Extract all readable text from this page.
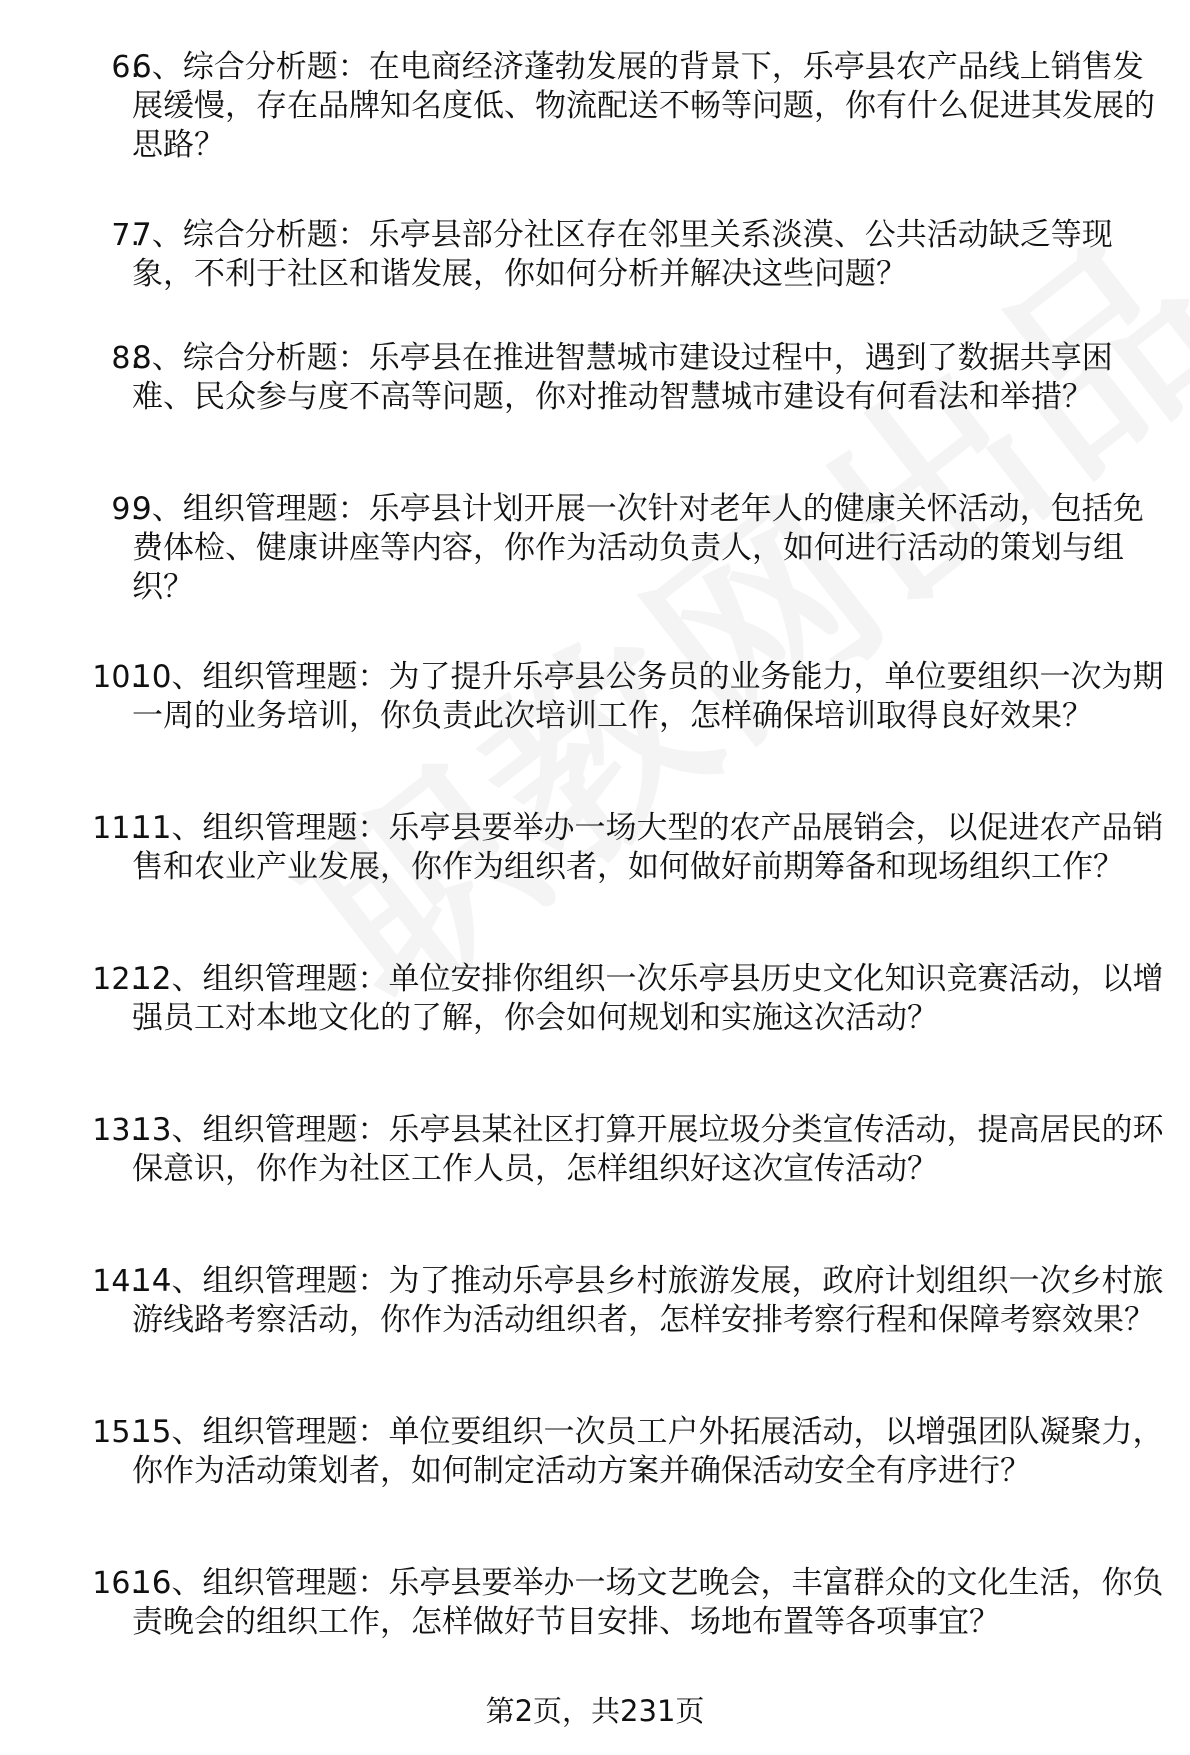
6.
6、综合分析题：在电商经济蓬勃发展的背景下，乐亭县农产品线上销售发展缓慢，存在品牌知名度低、物流配送不畅等问题，你有什么促进其发展的思路？
7.
7、综合分析题：乐亭县部分社区存在邻里关系淡漠、公共活动缺乏等现象，不利于社区和谐发展，你如何分析并解决这些问题？
8.
8、综合分析题：乐亭县在推进智慧城市建设过程中，遇到了数据共享困难、民众参与度不高等问题，你对推动智慧城市建设有何看法和举措？
9.
9、组织管理题：乐亭县计划开展一次针对老年人的健康关怀活动，包括免费体检、健康讲座等内容，你作为活动负责人，如何进行活动的策划与组织？
10.
10、组织管理题：为了提升乐亭县公务员的业务能力，单位要组织一次为期一周的业务培训，你负责此次培训工作，怎样确保培训取得良好效果？
11.
11、组织管理题：乐亭县要举办一场大型的农产品展销会，以促进农产品销售和农业产业发展，你作为组织者，如何做好前期筹备和现场组织工作？
12.
12、组织管理题：单位安排你组织一次乐亭县历史文化知识竞赛活动，以增强员工对本地文化的了解，你会如何规划和实施这次活动？
13.
13、组织管理题：乐亭县某社区打算开展垃圾分类宣传活动，提高居民的环保意识，你作为社区工作人员，怎样组织好这次宣传活动？
14.
14、组织管理题：为了推动乐亭县乡村旅游发展，政府计划组织一次乡村旅游线路考察活动，你作为活动组织者，怎样安排考察行程和保障考察效果？
15.
15、组织管理题：单位要组织一次员工户外拓展活动，以增强团队凝聚力，你作为活动策划者，如何制定活动方案并确保活动安全有序进行？
16.
16、组织管理题：乐亭县要举办一场文艺晚会，丰富群众的文化生活，你负责晚会的组织工作，怎样做好节目安排、场地布置等各项事宜？
第2页，共231页
